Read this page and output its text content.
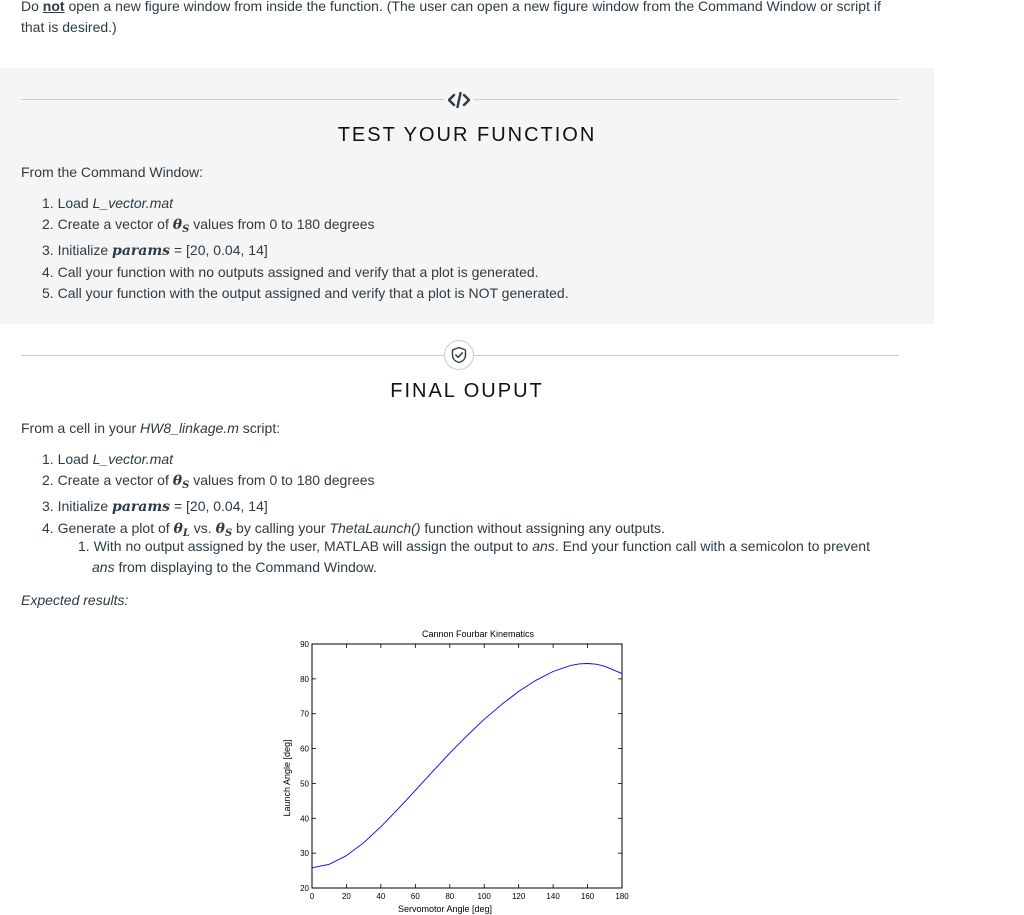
Do not open a new figure window from inside the function. (The user can open a new figure window from the Command Window or script if
that is desired.)
TEST YOUR FUNCTION
From the Command Window:
1. Load L_vector.mat
2. Create a vector of $\theta_S$ values from 0 to 180 degrees
3. Initialize params = [20, 0.04, 14]
4. Call your function with no outputs assigned and verify that a plot is generated.
5. Call your function with the output assigned and verify that a plot is NOT generated.
FINAL OUPUT
From a cell in your HW8_linkage.m script:
1. Load L_vector.mat
2. Create a vector of $\theta_S$ values from 0 to 180 degrees
3. Initialize params = [20, 0.04, 14]
4. Generate a plot of $\theta_L$ vs. $\theta_S$ by calling your ThetaLaunch() function without assigning any outputs.
1. With no output assigned by the user, MATLAB will assign the output to ans. End your function call with a semicolon to prevent
ans from displaying to the Command Window.
Expected results:
Cannon Fourbar Kinematics
0	20	40	60	80	100	120	140	160	180
20
30
40
50
60
70
80
90
Servomotor Angle [deg]
Launch Angle [deg]
